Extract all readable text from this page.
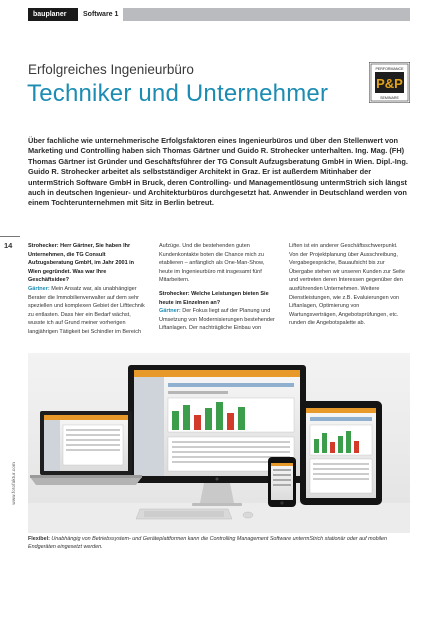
bauplaner	Software 1
Erfolgreiches Ingenieurbüro
Techniker und Unternehmer
PERFORMANCE
P&P
SEMINARE

Über fachliche wie unternehmerische Erfolgsfaktoren eines Ingenieurbüros und über den Stellenwert von Marketing und Controlling haben sich Thomas Gärtner und Guido R. Strohecker unterhalten. Ing. Mag. (FH) Thomas Gärtner ist Gründer und Geschäftsführer der TG Consult Aufzugsberatung GmbH in Wien. Dipl.-Ing. Guido R. Strohecker arbeitet als selbstständiger Architekt in Graz. Er ist außerdem Mitinhaber der untermStrich Software GmbH in Bruck, deren Controlling- und Managementlösung untermStrich sich längst auch in deutschen Ingenieur- und Architekturbüros durchgesetzt hat. Anwender in Deutschland werden von einem Tochterunternehmen mit Sitz in Berlin betreut.

14	Strohecker: Herr Gärtner, Sie haben Ihr Unternehmen, die TG Consult Aufzugsberatung GmbH, im Jahr 2001 in Wien gegründet. Was war Ihre Geschäftsidee?
Gärtner: Mein Ansatz war, als unabhängiger Berater die Immobilienverwalter auf dem sehr speziellen und komplexen Gebiet der Lifttechnik zu entlasten. Dass hier ein Bedarf wächst, wusste ich auf Grund meiner vorherigen langjährigen Tätigkeit bei Schindler im Bereich

Aufzüge. Und die bestehenden guten Kundenkontakte boten die Chance mich zu etablieren – anfänglich als One-Man-Show, heute im Ingenieurbüro mit insgesamt fünf Mitarbeitern.

Strohecker: Welche Leistungen bieten Sie heute im Einzelnen an?
Gärtner: Der Fokus liegt auf der Planung und Umsetzung von Modernisierungen bestehender Liftanlagen. Der nachträgliche Einbau von

Liften ist ein anderer Geschäftsschwerpunkt. Von der Projektplanung über Ausschreibung, Vergabegespräche, Bauaufsicht bis zur Übergabe stehen wir unseren Kunden zur Seite und vertreten deren Interessen gegenüber den ausführenden Unternehmen. Weitere Dienstleistungen, wie z.B. Evaluierungen von Liftanlagen, Optimierung von Wartungsverträgen, Angebotsprüfungen, etc. runden die Angebotspalette ab.

www.fotofaktur.com
Flexibel: Unabhängig von Betriebssystem- und Geräteplattformen kann die Controlling Management Software untermStrich stationär oder auf mobilen Endgeräten eingesetzt werden.
